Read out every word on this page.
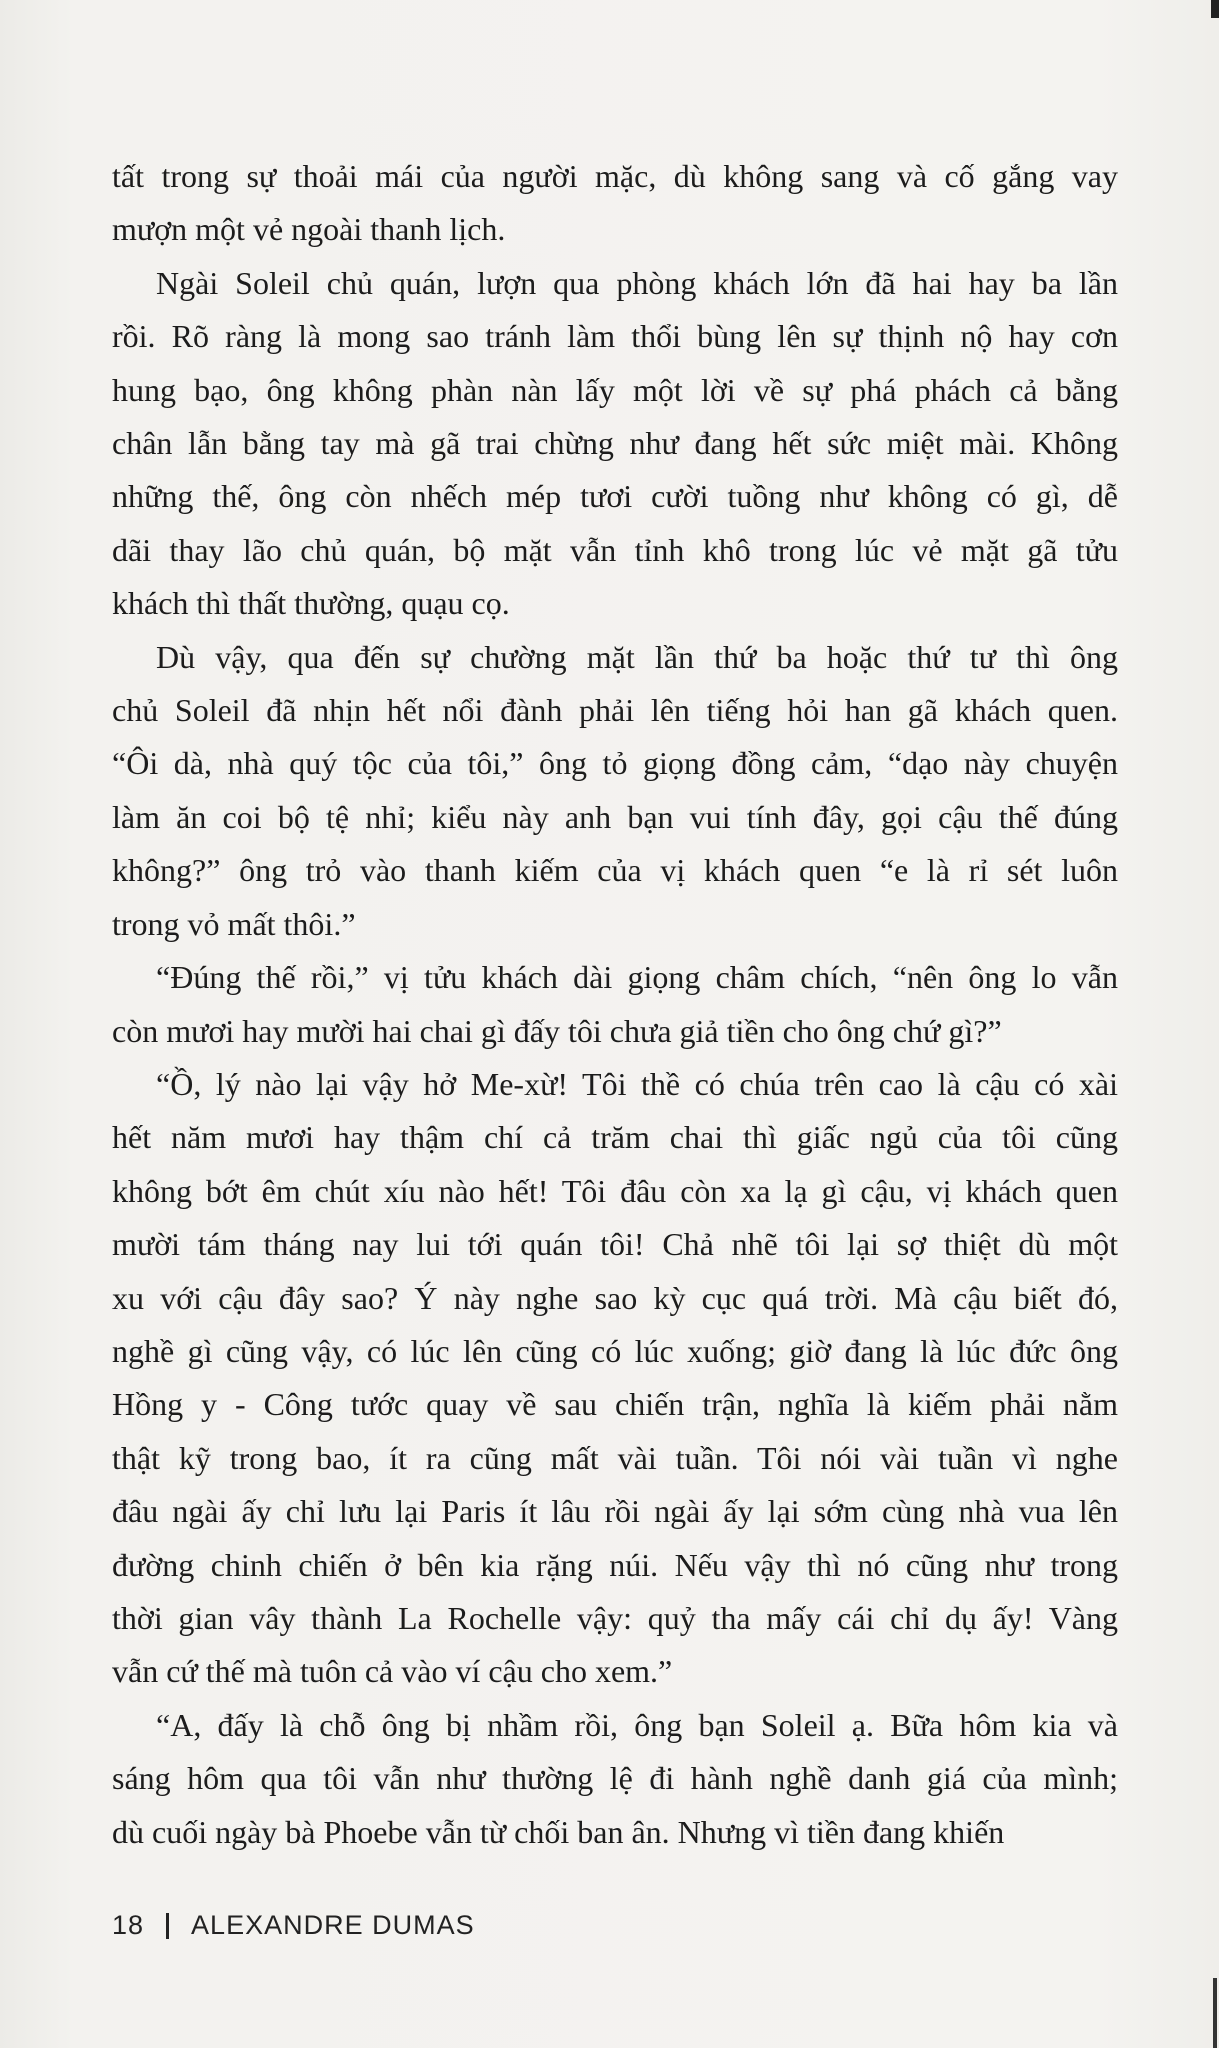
tất trong sự thoải mái của người mặc, dù không sang và cố gắng vay
mượn một vẻ ngoài thanh lịch.

Ngài Soleil chủ quán, lượn qua phòng khách lớn đã hai hay ba lần
rồi. Rõ ràng là mong sao tránh làm thổi bùng lên sự thịnh nộ hay cơn
hung bạo, ông không phàn nàn lấy một lời về sự phá phách cả bằng
chân lẫn bằng tay mà gã trai chừng như đang hết sức miệt mài. Không
những thế, ông còn nhếch mép tươi cười tuồng như không có gì, dễ
dãi thay lão chủ quán, bộ mặt vẫn tỉnh khô trong lúc vẻ mặt gã tửu
khách thì thất thường, quạu cọ.

Dù vậy, qua đến sự chường mặt lần thứ ba hoặc thứ tư thì ông
chủ Soleil đã nhịn hết nổi đành phải lên tiếng hỏi han gã khách quen.
“Ôi dà, nhà quý tộc của tôi,” ông tỏ giọng đồng cảm, “dạo này chuyện
làm ăn coi bộ tệ nhỉ; kiểu này anh bạn vui tính đây, gọi cậu thế đúng
không?” ông trỏ vào thanh kiếm của vị khách quen “e là rỉ sét luôn
trong vỏ mất thôi.”

“Đúng thế rồi,” vị tửu khách dài giọng châm chích, “nên ông lo vẫn
còn mươi hay mười hai chai gì đấy tôi chưa giả tiền cho ông chứ gì?”

“Ồ, lý nào lại vậy hở Me-xừ! Tôi thề có chúa trên cao là cậu có xài
hết năm mươi hay thậm chí cả trăm chai thì giấc ngủ của tôi cũng
không bớt êm chút xíu nào hết! Tôi đâu còn xa lạ gì cậu, vị khách quen
mười tám tháng nay lui tới quán tôi! Chả nhẽ tôi lại sợ thiệt dù một
xu với cậu đây sao? Ý này nghe sao kỳ cục quá trời. Mà cậu biết đó,
nghề gì cũng vậy, có lúc lên cũng có lúc xuống; giờ đang là lúc đức ông
Hồng y - Công tước quay về sau chiến trận, nghĩa là kiếm phải nằm
thật kỹ trong bao, ít ra cũng mất vài tuần. Tôi nói vài tuần vì nghe
đâu ngài ấy chỉ lưu lại Paris ít lâu rồi ngài ấy lại sớm cùng nhà vua lên
đường chinh chiến ở bên kia rặng núi. Nếu vậy thì nó cũng như trong
thời gian vây thành La Rochelle vậy: quỷ tha mấy cái chỉ dụ ấy! Vàng
vẫn cứ thế mà tuôn cả vào ví cậu cho xem.”

“A, đấy là chỗ ông bị nhầm rồi, ông bạn Soleil ạ. Bữa hôm kia và
sáng hôm qua tôi vẫn như thường lệ đi hành nghề danh giá của mình;
dù cuối ngày bà Phoebe vẫn từ chối ban ân. Nhưng vì tiền đang khiến

18 ALEXANDRE DUMAS
